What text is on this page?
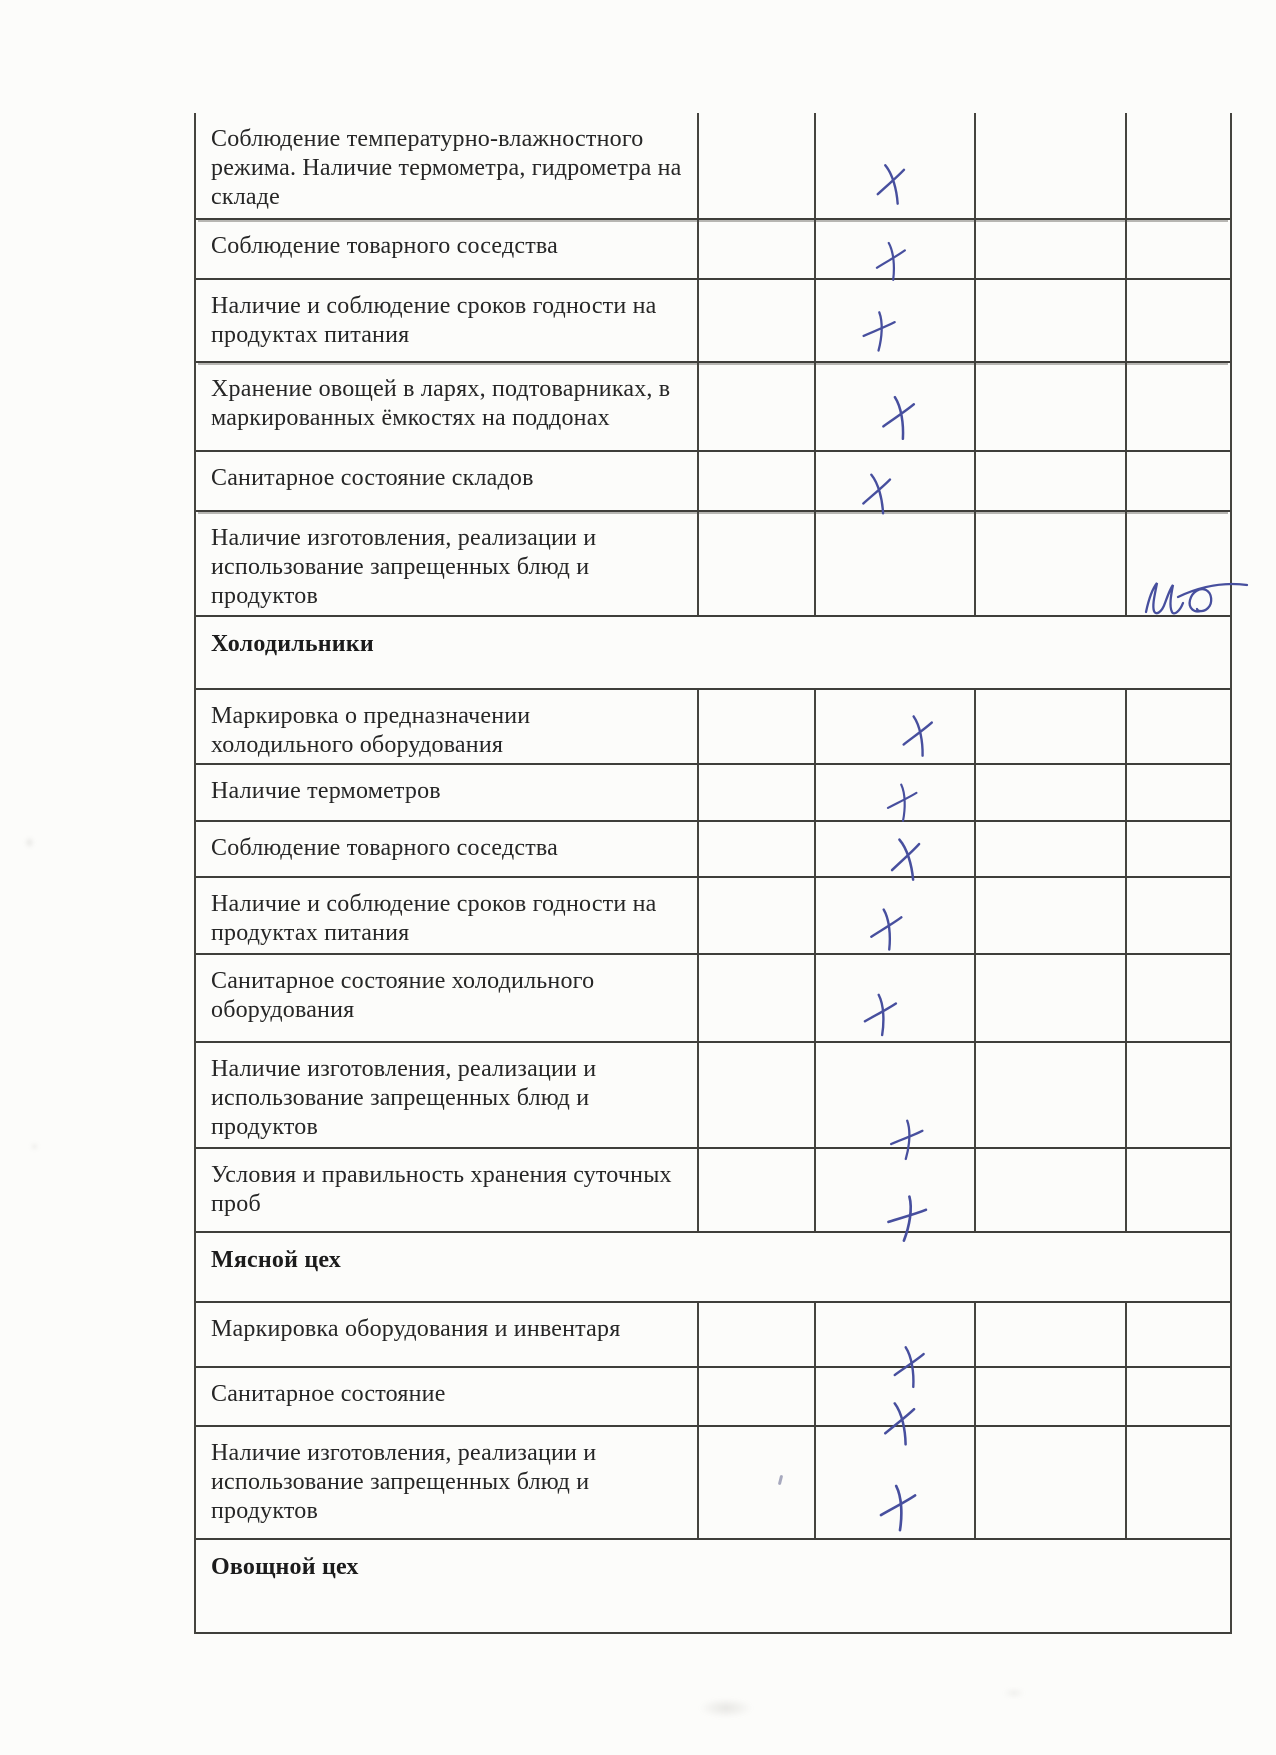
Соблюдение температурно-влажностного режима. Наличие термометра, гидрометра на складе
Соблюдение товарного соседства
Наличие и соблюдение сроков годности на продуктах питания
Хранение овощей в ларях, подтоварниках, в маркированных ёмкостях на поддонах
Санитарное состояние складов
Наличие изготовления, реализации и использование запрещенных блюд и продуктов
Холодильники
Маркировка о предназначении холодильного оборудования
Наличие термометров
Соблюдение товарного соседства
Наличие и соблюдение сроков годности на продуктах питания
Санитарное состояние холодильного оборудования
Наличие изготовления, реализации и использование запрещенных блюд и продуктов
Условия и правильность хранения суточных проб
Мясной цех
Маркировка оборудования и инвентаря
Санитарное состояние
Наличие изготовления, реализации и использование запрещенных блюд и продуктов
Овощной цех
